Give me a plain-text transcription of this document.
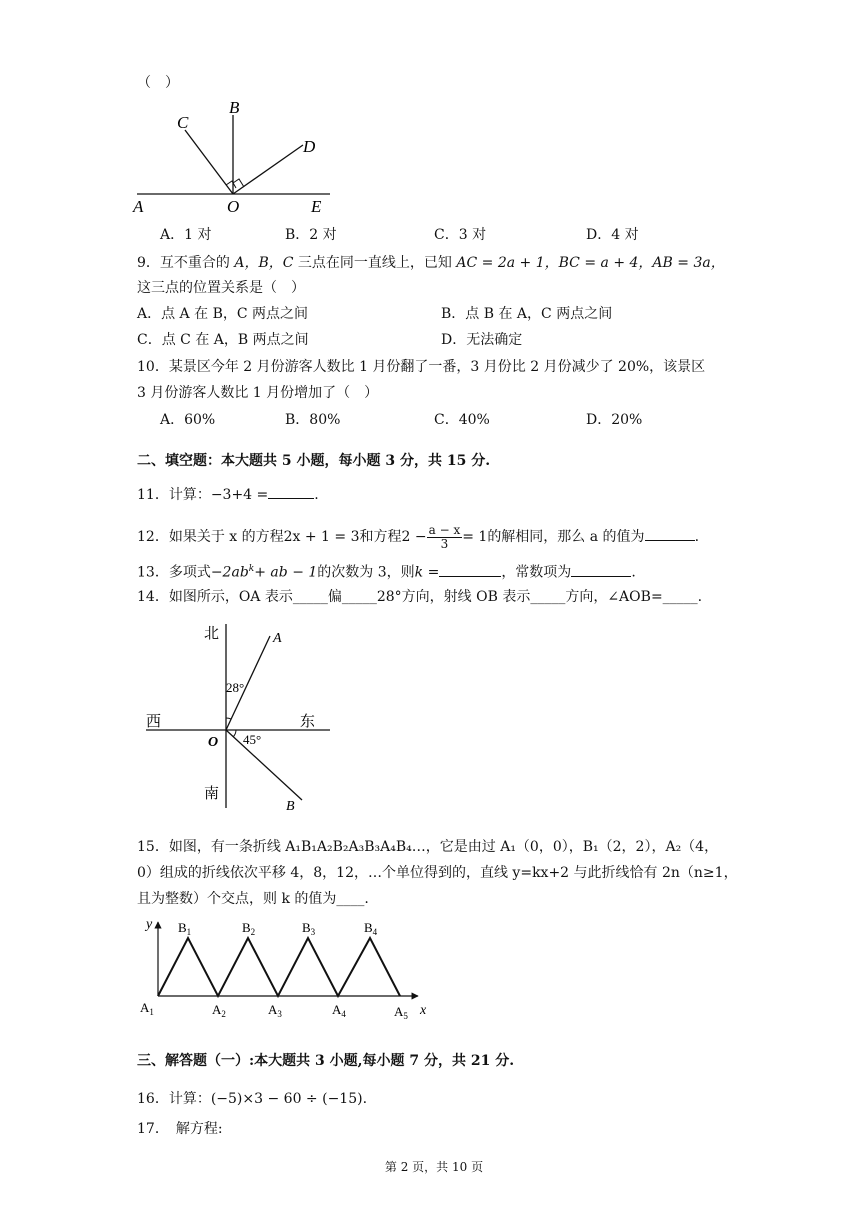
（　）
B
C
D
A	O	E
A．1 对	B．2 对	C．3 对	D．4 对
9．互不重合的 A，B，C 三点在同一直线上，已知 AC = 2a + 1，BC = a + 4，AB = 3a，
这三点的位置关系是（　）
A．点 A 在 B，C 两点之间	B．点 B 在 A，C 两点之间
C．点 C 在 A，B 两点之间	D．无法确定
10．某景区今年 2 月份游客人数比 1 月份翻了一番，3 月份比 2 月份减少了 20%，该景区
3 月份游客人数比 1 月份增加了（　）
A．60%	B．80%	C．40%	D．20%
二、填空题：本大题共 5 小题，每小题 3 分，共 15 分.
11．计算：−3+4 =	.
12．如果关于 x 的方程2x + 1 = 3和方程$2 - \frac{a - x}{3} = 1$的解相同，那么 a 的值为	.
13．多项式$-2ab^k+$ ab − 1的次数为 3，则k =	，常数项为	.
14．如图所示，OA 表示_____偏_____28°方向，射线 OB 表示_____方向，∠AOB=_____.
北
南
西	东
O
A
B
28°
45°
15．如图，有一条折线 A₁B₁A₂B₂A₃B₃A₄B₄…，它是由过 A₁（0，0），B₁（2，2），A₂（4，
0）组成的折线依次平移 4，8，12，…个单位得到的，直线 y=kx+2 与此折线恰有 2n（n≥1，
且为整数）个交点，则 k 的值为____.
y
x
$A_1$	$A_2$	$A_3$	$A_4$	$A_5$
$B_1$	$B_2$	$B_3$	$B_4$
三、解答题（一）:本大题共 3 小题,每小题 7 分，共 21 分.
16．计算：(−5)×3 − 60 ÷ (−15).
17．　解方程:
第 2 页，共 10 页
